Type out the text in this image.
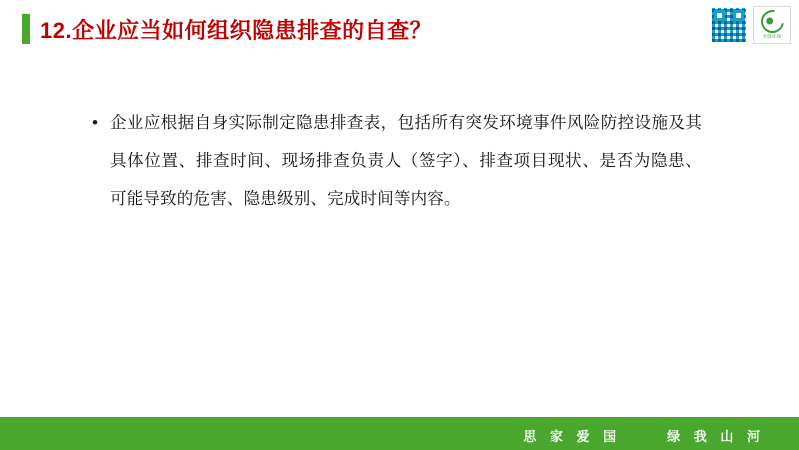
12.企业应当如何组织隐患排查的自查？	杰绿环保
• 企业应根据自身实际制定隐患排查表，包括所有突发环境事件风险防控设施及其具体位置、排查时间、现场排查负责人（签字）、排查项目现状、是否为隐患、可能导致的危害、隐患级别、完成时间等内容。
思 家 爱 国	绿 我 山 河
